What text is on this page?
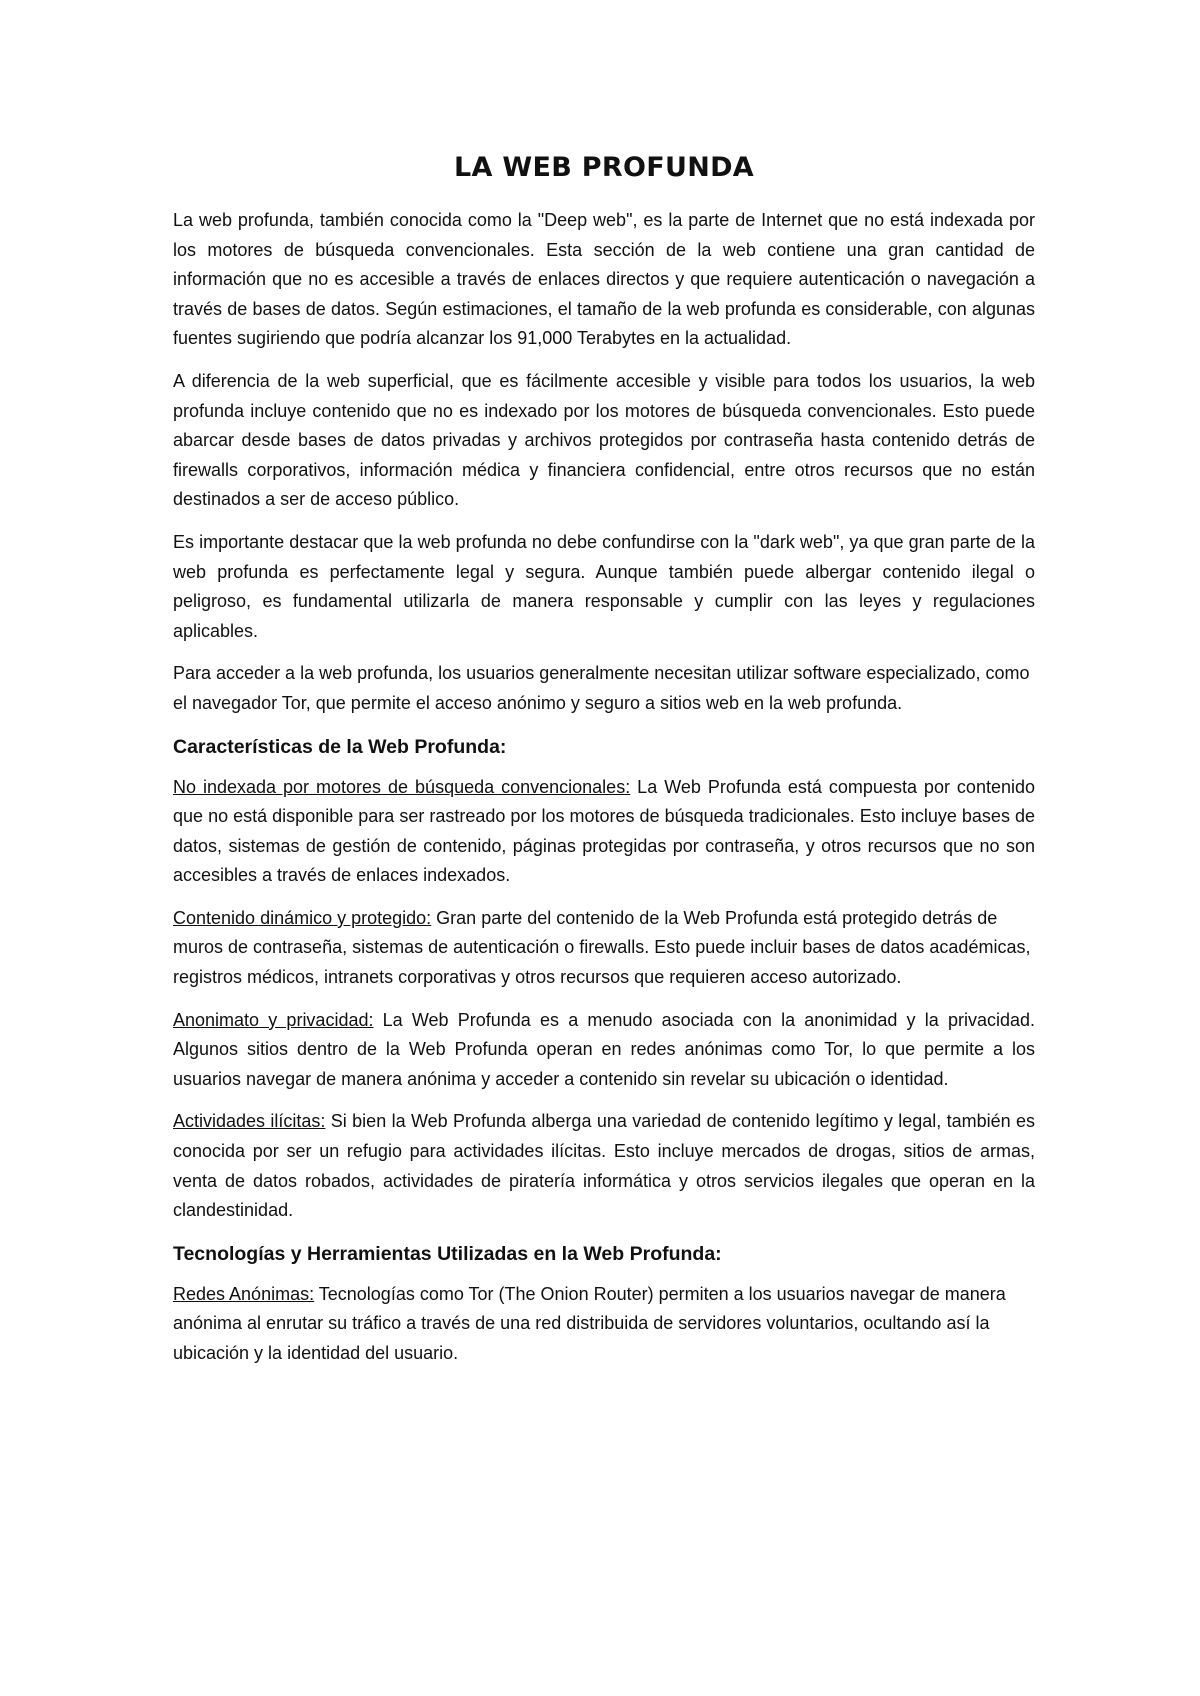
LA WEB PROFUNDA

La web profunda, también conocida como la "Deep web", es la parte de Internet que no está indexada por los motores de búsqueda convencionales. Esta sección de la web contiene una gran cantidad de información que no es accesible a través de enlaces directos y que requiere autenticación o navegación a través de bases de datos. Según estimaciones, el tamaño de la web profunda es considerable, con algunas fuentes sugiriendo que podría alcanzar los 91,000 Terabytes en la actualidad.

A diferencia de la web superficial, que es fácilmente accesible y visible para todos los usuarios, la web profunda incluye contenido que no es indexado por los motores de búsqueda convencionales. Esto puede abarcar desde bases de datos privadas y archivos protegidos por contraseña hasta contenido detrás de firewalls corporativos, información médica y financiera confidencial, entre otros recursos que no están destinados a ser de acceso público.

Es importante destacar que la web profunda no debe confundirse con la "dark web", ya que gran parte de la web profunda es perfectamente legal y segura. Aunque también puede albergar contenido ilegal o peligroso, es fundamental utilizarla de manera responsable y cumplir con las leyes y regulaciones aplicables.

Para acceder a la web profunda, los usuarios generalmente necesitan utilizar software especializado, como el navegador Tor, que permite el acceso anónimo y seguro a sitios web en la web profunda.

Características de la Web Profunda:

No indexada por motores de búsqueda convencionales: La Web Profunda está compuesta por contenido que no está disponible para ser rastreado por los motores de búsqueda tradicionales. Esto incluye bases de datos, sistemas de gestión de contenido, páginas protegidas por contraseña, y otros recursos que no son accesibles a través de enlaces indexados.

Contenido dinámico y protegido: Gran parte del contenido de la Web Profunda está protegido detrás de muros de contraseña, sistemas de autenticación o firewalls. Esto puede incluir bases de datos académicas, registros médicos, intranets corporativas y otros recursos que requieren acceso autorizado.

Anonimato y privacidad: La Web Profunda es a menudo asociada con la anonimidad y la privacidad. Algunos sitios dentro de la Web Profunda operan en redes anónimas como Tor, lo que permite a los usuarios navegar de manera anónima y acceder a contenido sin revelar su ubicación o identidad.

Actividades ilícitas: Si bien la Web Profunda alberga una variedad de contenido legítimo y legal, también es conocida por ser un refugio para actividades ilícitas. Esto incluye mercados de drogas, sitios de armas, venta de datos robados, actividades de piratería informática y otros servicios ilegales que operan en la clandestinidad.

Tecnologías y Herramientas Utilizadas en la Web Profunda:

Redes Anónimas: Tecnologías como Tor (The Onion Router) permiten a los usuarios navegar de manera anónima al enrutar su tráfico a través de una red distribuida de servidores voluntarios, ocultando así la ubicación y la identidad del usuario.
